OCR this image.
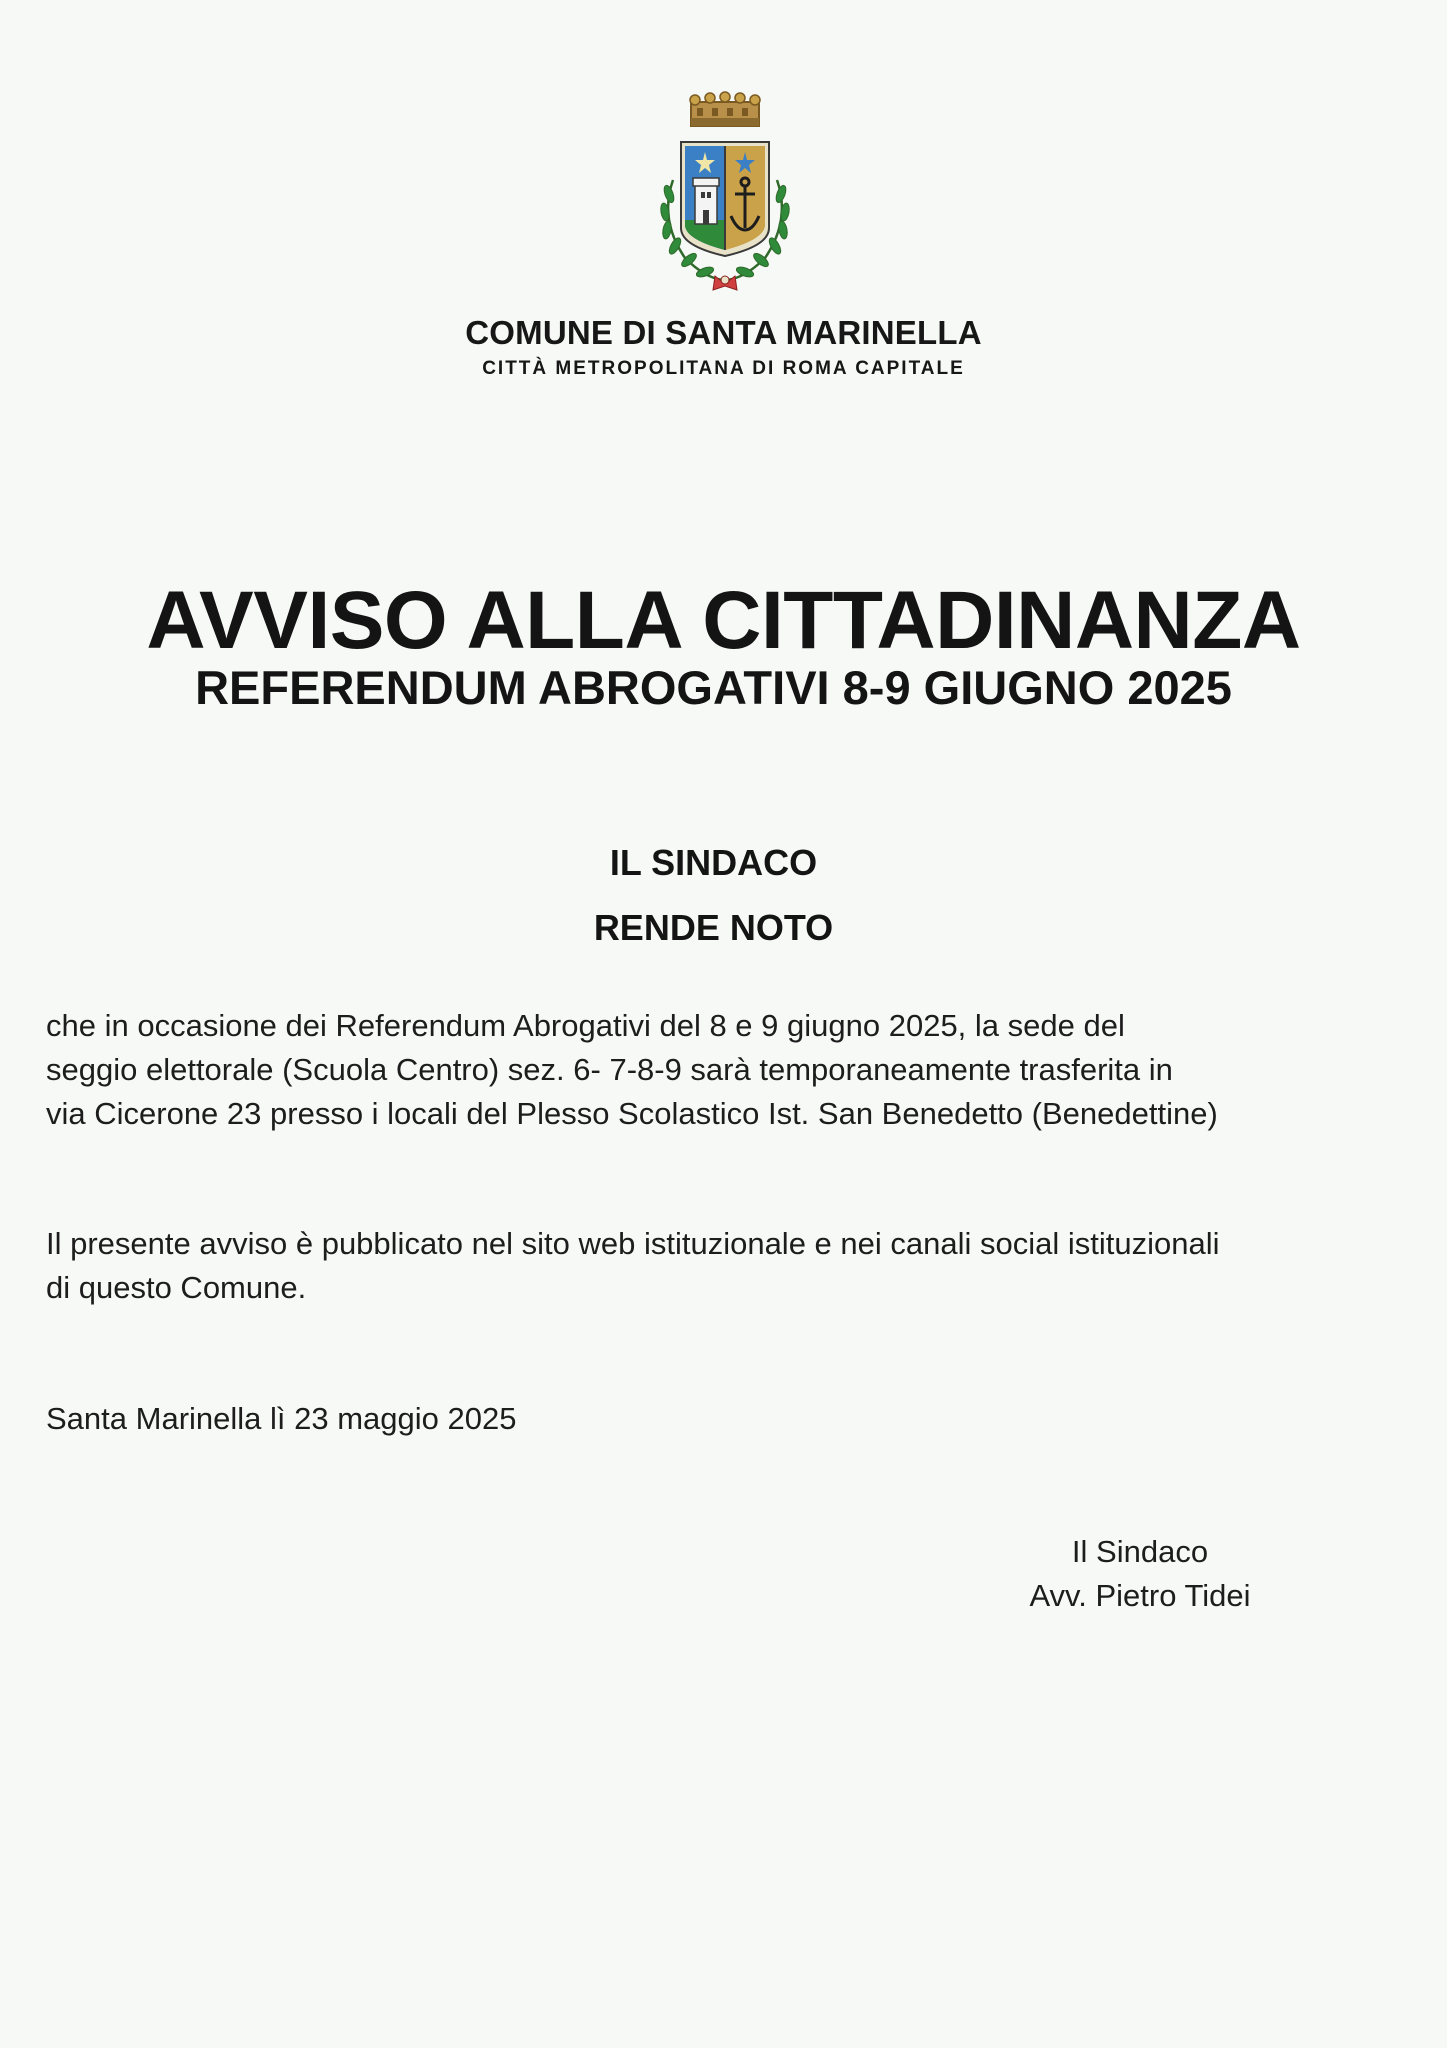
COMUNE DI SANTA MARINELLA
CITTÀ METROPOLITANA DI ROMA CAPITALE
AVVISO ALLA CITTADINANZA
REFERENDUM ABROGATIVI 8-9 GIUGNO 2025
IL SINDACO
RENDE NOTO
che in occasione dei Referendum Abrogativi del 8 e 9 giugno 2025, la sede del
seggio elettorale (Scuola Centro) sez. 6- 7-8-9 sarà temporaneamente trasferita in
via Cicerone 23 presso i locali del Plesso Scolastico Ist. San Benedetto (Benedettine)
Il presente avviso è pubblicato nel sito web istituzionale e nei canali social istituzionali
di questo Comune.
Santa Marinella lì 23 maggio 2025
Il Sindaco
Avv. Pietro Tidei
